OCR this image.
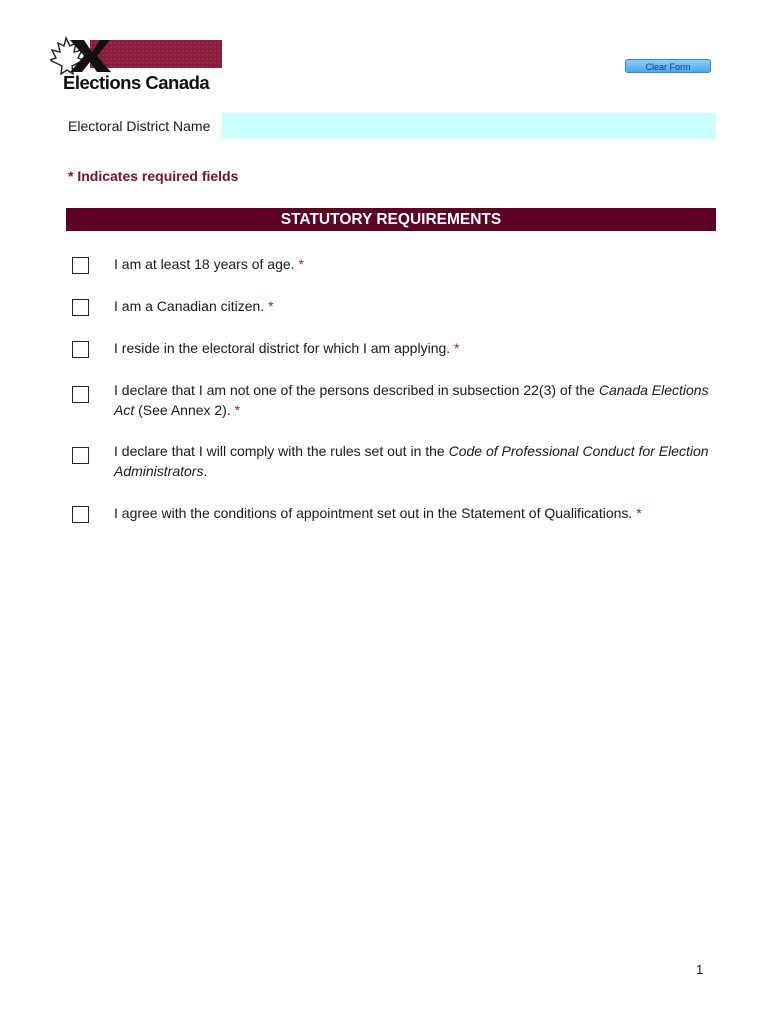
Elections Canada
Clear Form
Electoral District Name
* Indicates required fields
STATUTORY REQUIREMENTS
I am at least 18 years of age. *
I am a Canadian citizen. *
I reside in the electoral district for which I am applying. *
I declare that I am not one of the persons described in subsection 22(3) of the Canada Elections Act (See Annex 2). *
I declare that I will comply with the rules set out in the Code of Professional Conduct for Election Administrators.
I agree with the conditions of appointment set out in the Statement of Qualifications. *
1
